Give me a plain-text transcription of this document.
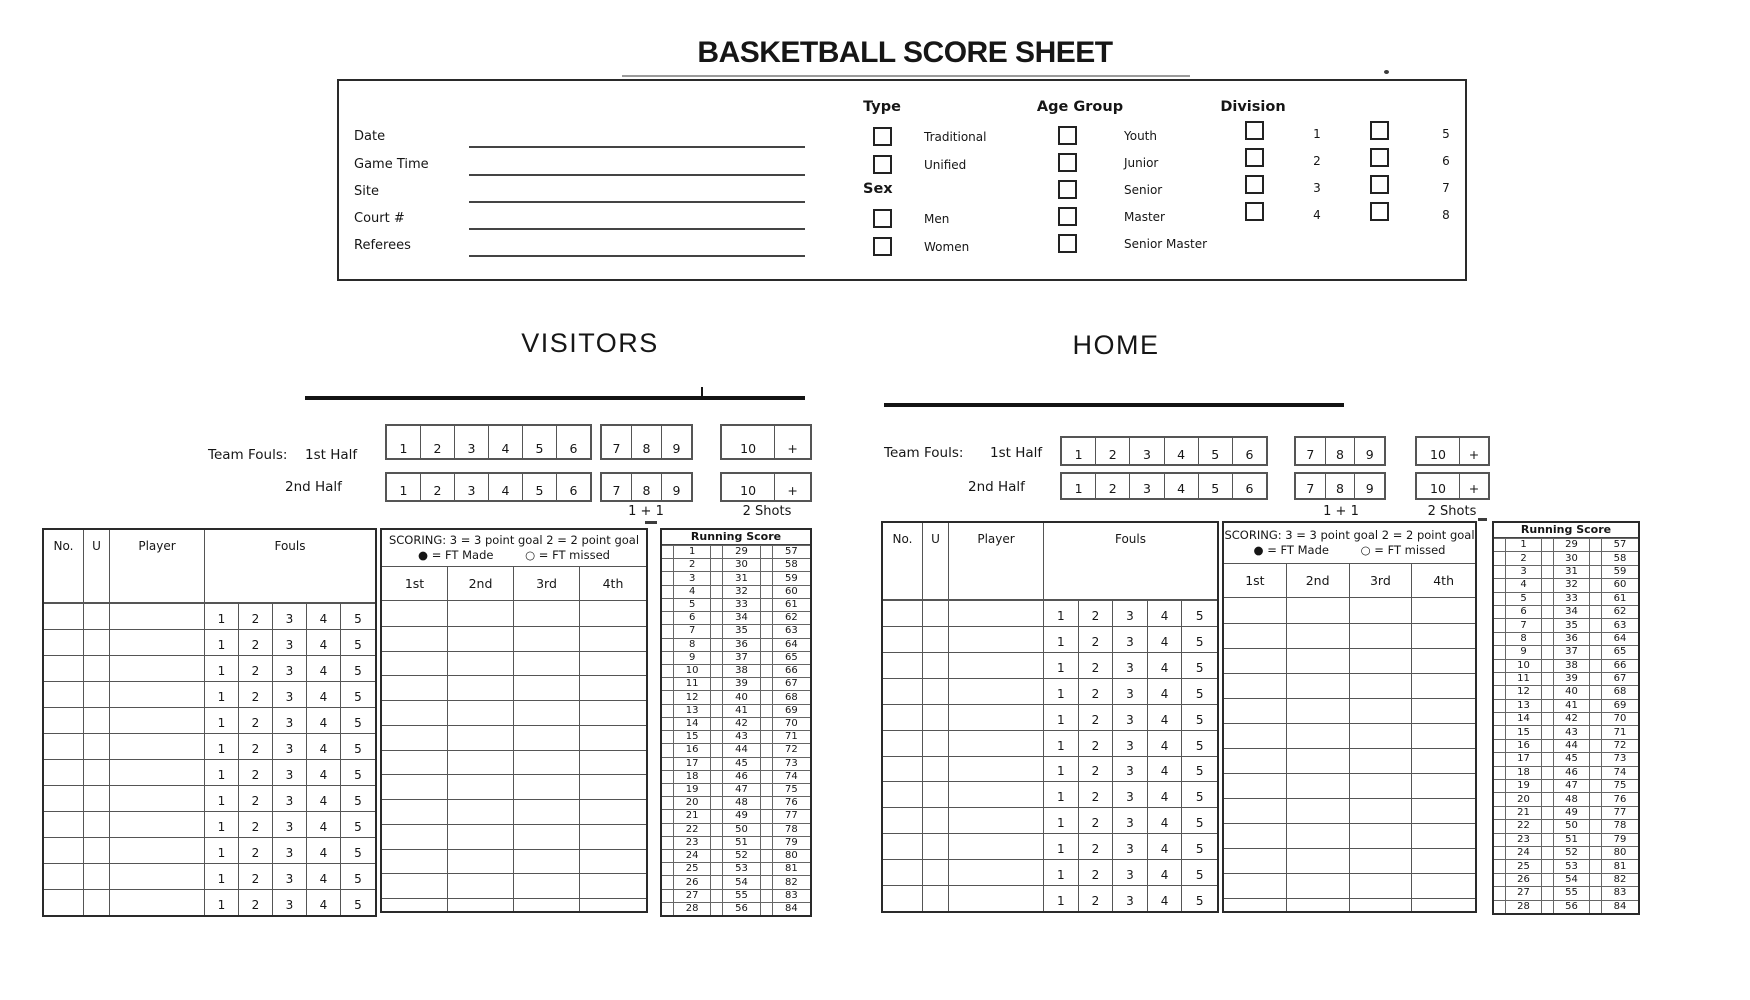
BASKETBALL SCORE SHEET
Date
Game Time
Site
Court #
Referees
Type
Traditional
Unified
Sex
Men
Women
Age Group
Youth
Junior
Senior
Master
Senior Master
Division
1
2
3
4
5
6
7
8
VISITORS
Team Fouls: 1st Half	1	2	3	4	5	6	7	8	9	10	+
2nd Half	1	2	3	4	5	6	7	8	9	10	+
1 + 1	2 Shots
No.	U	Player	Fouls
1	2	3	4	5
1	2	3	4	5
1	2	3	4	5
1	2	3	4	5
1	2	3	4	5
1	2	3	4	5
1	2	3	4	5
1	2	3	4	5
1	2	3	4	5
1	2	3	4	5
1	2	3	4	5
1	2	3	4	5
SCORING: 3 = 3 point goal 2 = 2 point goal
● = FT Made	○ = FT missed
1st	2nd	3rd	4th
Running Score
1	29	57
2	30	58
3	31	59
4	32	60
5	33	61
6	34	62
7	35	63
8	36	64
9	37	65
10	38	66
11	39	67
12	40	68
13	41	69
14	42	70
15	43	71
16	44	72
17	45	73
18	46	74
19	47	75
20	48	76
21	49	77
22	50	78
23	51	79
24	52	80
25	53	81
26	54	82
27	55	83
28	56	84
HOME
Team Fouls: 1st Half	1	2	3	4	5	6	7	8	9	10	+
2nd Half	1	2	3	4	5	6	7	8	9	10	+
1 + 1	2 Shots
No.	U	Player	Fouls
1	2	3	4	5
1	2	3	4	5
1	2	3	4	5
1	2	3	4	5
1	2	3	4	5
1	2	3	4	5
1	2	3	4	5
1	2	3	4	5
1	2	3	4	5
1	2	3	4	5
1	2	3	4	5
1	2	3	4	5
SCORING: 3 = 3 point goal 2 = 2 point goal
● = FT Made	○ = FT missed
1st	2nd	3rd	4th
Running Score
1	29	57
2	30	58
3	31	59
4	32	60
5	33	61
6	34	62
7	35	63
8	36	64
9	37	65
10	38	66
11	39	67
12	40	68
13	41	69
14	42	70
15	43	71
16	44	72
17	45	73
18	46	74
19	47	75
20	48	76
21	49	77
22	50	78
23	51	79
24	52	80
25	53	81
26	54	82
27	55	83
28	56	84
